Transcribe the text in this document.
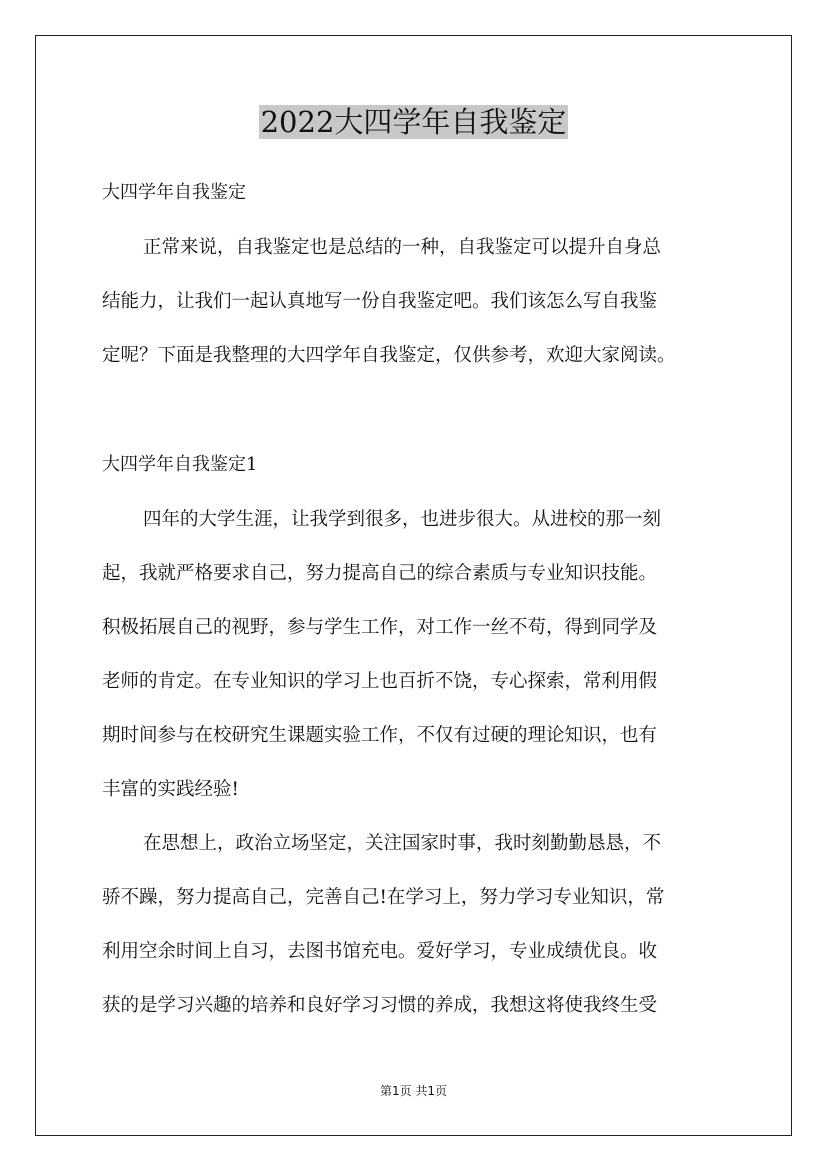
2022大四学年自我鉴定
大四学年自我鉴定
正常来说，自我鉴定也是总结的一种，自我鉴定可以提升自身总
结能力，让我们一起认真地写一份自我鉴定吧。我们该怎么写自我鉴
定呢？下面是我整理的大四学年自我鉴定，仅供参考，欢迎大家阅读。
大四学年自我鉴定1
四年的大学生涯，让我学到很多，也进步很大。从进校的那一刻
起，我就严格要求自己，努力提高自己的综合素质与专业知识技能。
积极拓展自己的视野，参与学生工作，对工作一丝不苟，得到同学及
老师的肯定。在专业知识的学习上也百折不饶，专心探索，常利用假
期时间参与在校研究生课题实验工作，不仅有过硬的理论知识，也有
丰富的实践经验!
在思想上，政治立场坚定，关注国家时事，我时刻勤勤恳恳，不
骄不躁，努力提高自己，完善自己!在学习上，努力学习专业知识，常
利用空余时间上自习，去图书馆充电。爱好学习，专业成绩优良。收
获的是学习兴趣的培养和良好学习习惯的养成，我想这将使我终生受
第1页 共1页
